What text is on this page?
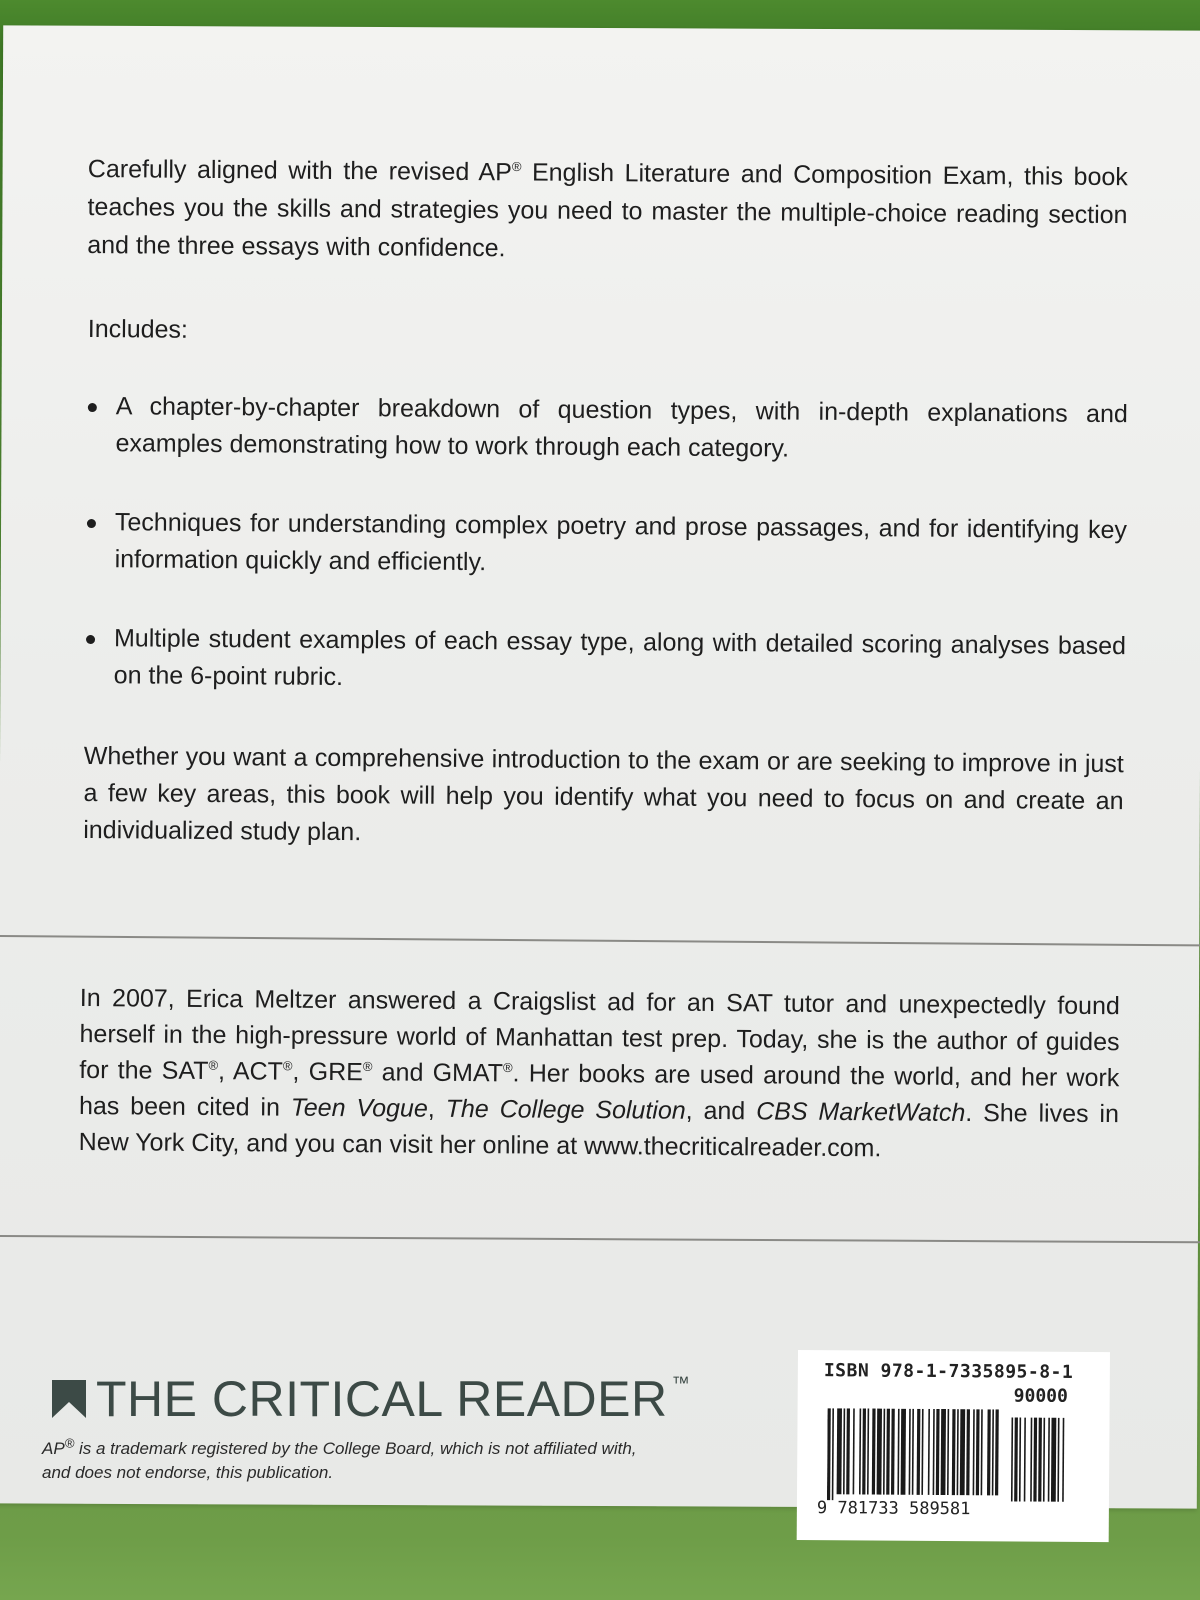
Carefully aligned with the revised AP® English Literature and Composition Exam, this book teaches you the skills and strategies you need to master the multiple-choice reading section and the three essays with confidence.

Includes:

A chapter-by-chapter breakdown of question types, with in-depth explanations and examples demonstrating how to work through each category.
Techniques for understanding complex poetry and prose passages, and for identifying key information quickly and efficiently.
Multiple student examples of each essay type, along with detailed scoring analyses based on the 6-point rubric.

Whether you want a comprehensive introduction to the exam or are seeking to improve in just a few key areas, this book will help you identify what you need to focus on and create an individualized study plan.

In 2007, Erica Meltzer answered a Craigslist ad for an SAT tutor and unexpectedly found herself in the high-pressure world of Manhattan test prep. Today, she is the author of guides for the SAT®, ACT®, GRE® and GMAT®. Her books are used around the world, and her work has been cited in Teen Vogue, The College Solution, and CBS MarketWatch. She lives in New York City, and you can visit her online at www.thecriticalreader.com.

THE CRITICAL READER ™

AP® is a trademark registered by the College Board, which is not affiliated with, and does not endorse, this publication.

ISBN 978-1-7335895-8-1
90000
9 781733 589581
